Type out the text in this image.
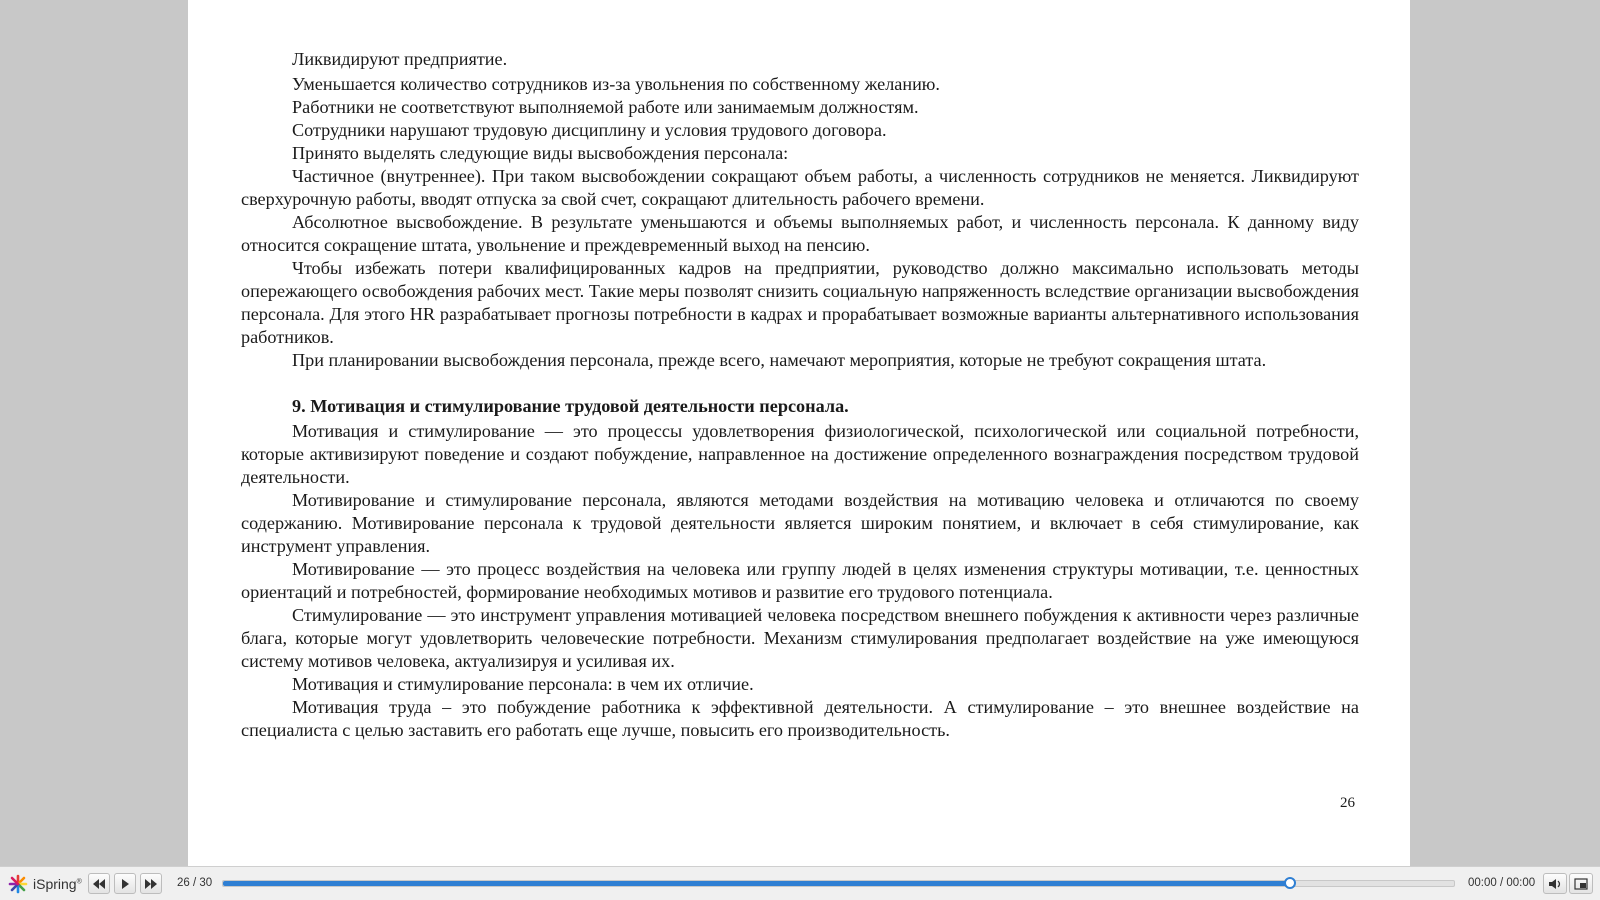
Ликвидируют предприятие.

Уменьшается количество сотрудников из-за увольнения по собственному желанию.

Работники не соответствуют выполняемой работе или занимаемым должностям.

Сотрудники нарушают трудовую дисциплину и условия трудового договора.

Принято выделять следующие виды высвобождения персонала:

Частичное (внутреннее). При таком высвобождении сокращают объем работы, а численность сотрудников не меняется. Ликвидируют сверхурочную работы, вводят отпуска за свой счет, сокращают длительность рабочего времени.

Абсолютное высвобождение. В результате уменьшаются и объемы выполняемых работ, и численность персонала. К данному виду относится сокращение штата, увольнение и преждевременный выход на пенсию.

Чтобы избежать потери квалифицированных кадров на предприятии, руководство должно максимально использовать методы опережающего освобождения рабочих мест. Такие меры позволят снизить социальную напряженность вследствие организации высвобождения персонала. Для этого HR разрабатывает прогнозы потребности в кадрах и прорабатывает возможные варианты альтернативного использования работников.

При планировании высвобождения персонала, прежде всего, намечают мероприятия, которые не требуют сокращения штата.

9. Мотивация и стимулирование трудовой деятельности персонала.

Мотивация и стимулирование — это процессы удовлетворения физиологической, психологической или социальной потребности, которые активизируют поведение и создают побуждение, направленное на достижение определенного вознаграждения посредством трудовой деятельности.

Мотивирование и стимулирование персонала, являются методами воздействия на мотивацию человека и отличаются по своему содержанию. Мотивирование персонала к трудовой деятельности является широким понятием, и включает в себя стимулирование, как инструмент управления.

Мотивирование — это процесс воздействия на человека или группу людей в целях изменения структуры мотивации, т.е. ценностных ориентаций и потребностей, формирование необходимых мотивов и развитие его трудового потенциала.

Стимулирование — это инструмент управления мотивацией человека посредством внешнего побуждения к активности через различные блага, которые могут удовлетворить человеческие потребности. Механизм стимулирования предполагает воздействие на уже имеющуюся систему мотивов человека, актуализируя и усиливая их.

Мотивация и стимулирование персонала: в чем их отличие.

Мотивация труда – это побуждение работника к эффективной деятельности. А стимулирование – это внешнее воздействие на специалиста с целью заставить его работать еще лучше, повысить его производительность.

26
iSpring®	26 / 30	00:00 / 00:00
